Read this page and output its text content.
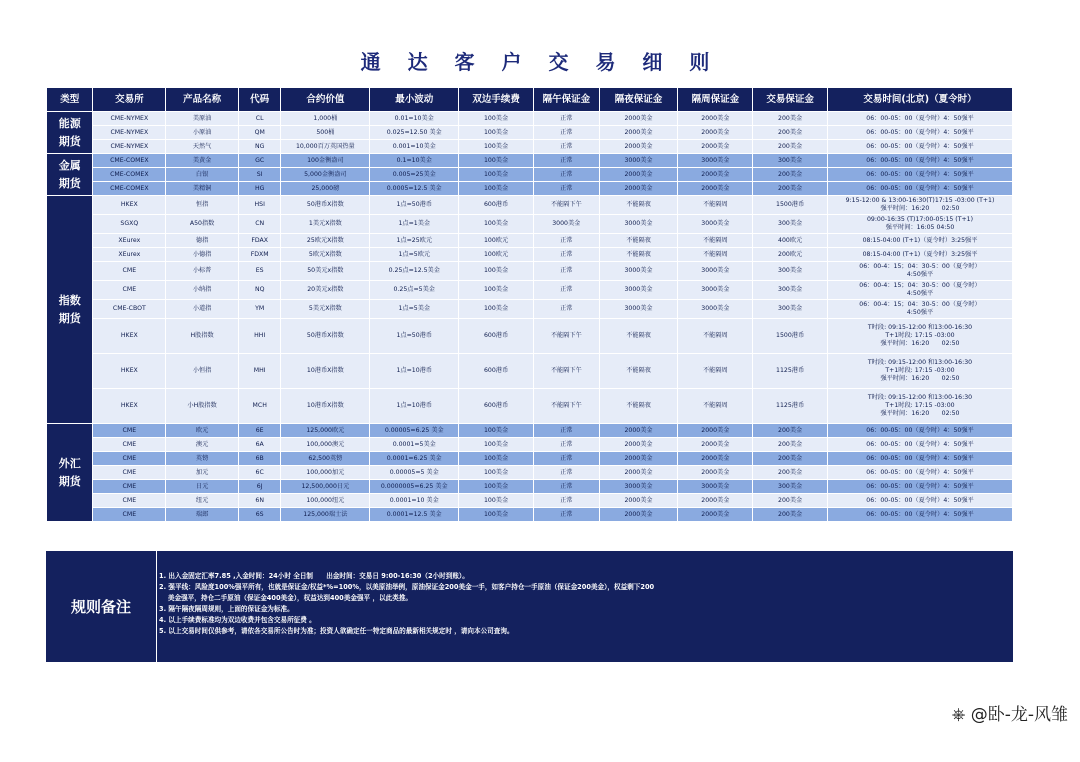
通 达 客 户 交 易 细 则
类型	交易所	产品名称	代码	合约价值	最小波动	双边手续费	隔午保证金	隔夜保证金	隔周保证金	交易保证金	交易时间(北京)（夏令时）
能源
期货	CME-NYMEX	美原油	CL	1,000桶	0.01=10美金	100美金	正常	2000美金	2000美金	200美金	06：00-05：00（夏令时）4：50强平
	CME-NYMEX	小原油	QM	500桶	0.025=12.50 美金	100美金	正常	2000美金	2000美金	200美金	06：00-05：00（夏令时）4：50强平
	CME-NYMEX	天然气	NG	10,000百万英国热量	0.001=10美金	100美金	正常	2000美金	2000美金	200美金	06：00-05：00（夏令时）4：50强平
金属
期货	CME-COMEX	美黄金	GC	100金衡盎司	0.1=10美金	100美金	正常	3000美金	3000美金	300美金	06：00-05：00（夏令时）4：50强平
	CME-COMEX	白银	SI	5,000金衡盎司	0.005=25美金	100美金	正常	2000美金	2000美金	200美金	06：00-05：00（夏令时）4：50强平
	CME-COMEX	美精铜	HG	25,000磅	0.0005=12.5 美金	100美金	正常	2000美金	2000美金	200美金	06：00-05：00（夏令时）4：50强平
指数
期货	HKEX	恒指	HSI	50港币X指数	1点=50港币	600港币	不能隔下午	不能隔夜	不能隔周	1500港币	9:15-12:00 & 13:00-16:30(T)17:15 -03:00 (T+1)
强平时间：16:20　　02:50
	SGXQ	A50指数	CN	1美元X指数	1点=1美金	100美金	3000美金	3000美金	3000美金	300美金	09:00-16:35 (T)17:00-05:15 (T+1)
强平时间：16:05 04:50
	XEurex	德指	FDAX	25欧元X指数	1点=25欧元	100欧元	正常	不能隔夜	不能隔周	400欧元	08:15-04:00 (T+1)（夏令时）3:25强平
	XEurex	小德指	FDXM	5欧元X指数	1点=5欧元	100欧元	正常	不能隔夜	不能隔周	200欧元	08:15-04:00 (T+1)（夏令时）3:25强平
	CME	小标普	ES	50美元x指数	0.25点=12.5美金	100美金	正常	3000美金	3000美金	300美金	06：00-4：15；04：30-5：00（夏令时）
4:50强平
	CME	小纳指	NQ	20美元x指数	0.25点=5美金	100美金	正常	3000美金	3000美金	300美金	06：00-4：15；04：30-5：00（夏令时）
4:50强平
	CME-CBOT	小道指	YM	5美元X指数	1点=5美金	100美金	正常	3000美金	3000美金	300美金	06：00-4：15；04：30-5：00（夏令时）
4:50强平
	HKEX	H股指数	HHI	50港币X指数	1点=50港币	600港币	不能隔下午	不能隔夜	不能隔周	1500港币	T时段: 09:15-12:00 和13:00-16:30
T+1时段: 17:15 -03:00
强平时间：16:20　　02:50
	HKEX	小恒指	MHI	10港币X指数	1点=10港币	600港币	不能隔下午	不能隔夜	不能隔周	1125港币	T时段: 09:15-12:00 和13:00-16:30
T+1时段: 17:15 -03:00
强平时间：16:20　　02:50
	HKEX	小H股指数	MCH	10港币X指数	1点=10港币	600港币	不能隔下午	不能隔夜	不能隔周	1125港币	T时段: 09:15-12:00 和13:00-16:30
T+1时段: 17:15 -03:00
强平时间：16:20　　02:50
外汇
期货	CME	欧元	6E	125,000欧元	0.00005=6.25 美金	100美金	正常	2000美金	2000美金	200美金	06：00-05：00（夏令时）4：50强平
	CME	澳元	6A	100,000澳元	0.0001=5美金	100美金	正常	2000美金	2000美金	200美金	06：00-05：00（夏令时）4：50强平
	CME	英镑	6B	62,500英镑	0.0001=6.25 美金	100美金	正常	2000美金	2000美金	200美金	06：00-05：00（夏令时）4：50强平
	CME	加元	6C	100,000加元	0.00005=5 美金	100美金	正常	2000美金	2000美金	200美金	06：00-05：00（夏令时）4：50强平
	CME	日元	6J	12,500,000日元	0.0000005=6.25 美金	100美金	正常	3000美金	3000美金	300美金	06：00-05：00（夏令时）4：50强平
	CME	纽元	6N	100,000纽元	0.0001=10 美金	100美金	正常	2000美金	2000美金	200美金	06：00-05：00（夏令时）4：50强平
	CME	瑞郎	6S	125,000瑞士法	0.0001=12.5 美金	100美金	正常	2000美金	2000美金	200美金	06：00-05：00（夏令时）4：50强平
规则备注
1. 出入金固定汇率7.85 ,入金时间：24小时 全日制　　出金时间：交易日 9:00-16:30（2小时到账）。
2. 强平线：风险度100%强平所有，也就是保证金/权益*%=100%，以美原油举例，原油保证金200美金一手，如客户持仓一手原油（保证金200美金），权益剩下200
　 美金强平，持仓二手原油（保证金400美金），权益达到400美金强平 ，以此类推。
3. 隔午隔夜隔周规则，上面的保证金为标准。
4. 以上手续费标准均为双边收费并包含交易所征费 。
5. 以上交易时间仅供参考，请依各交易所公告时为准；投资人欲确定任一特定商品的最新相关规定时 ，请向本公司查询。
⎈ @卧-龙-风雏
